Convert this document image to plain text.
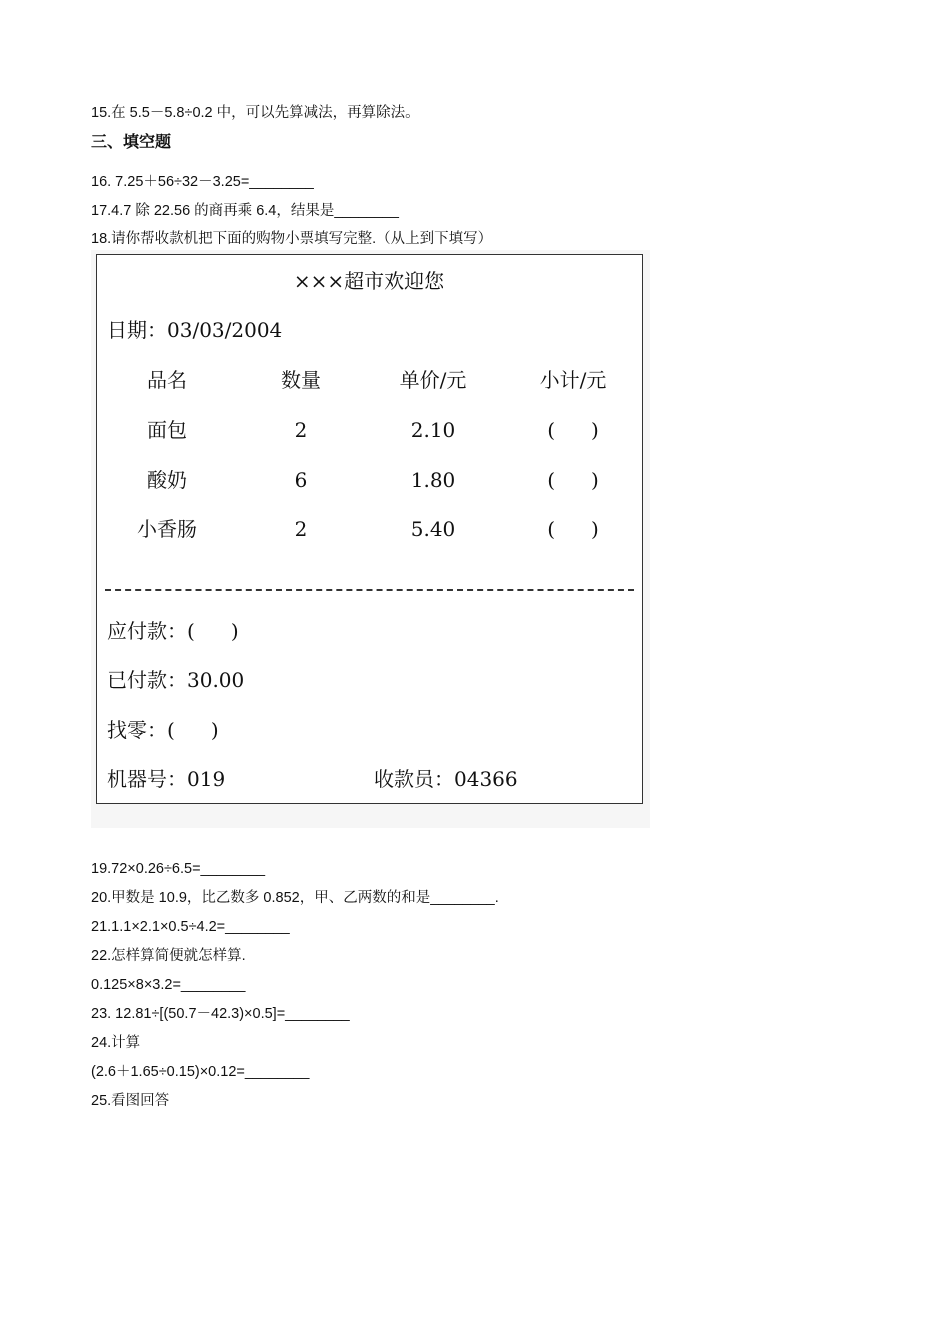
15.在 5.5－5.8÷0.2 中，可以先算减法，再算除法。
三、填空题
16. 7.25＋56÷32－3.25=________
17.4.7 除 22.56 的商再乘 6.4，结果是________
18.请你帮收款机把下面的购物小票填写完整.（从上到下填写）
×××超市欢迎您
日期：03/03/2004
品名	数量	单价/元	小计/元
面包	2	2.10	( )
酸奶	6	1.80	( )
小香肠	2	5.40	( )
应付款：( )
已付款：30.00
找零：( )
机器号：019	收款员：04366
19.72×0.26÷6.5=________
20.甲数是 10.9，比乙数多 0.852，甲、乙两数的和是________.
21.1.1×2.1×0.5÷4.2=________
22.怎样算简便就怎样算.
0.125×8×3.2=________
23. 12.81÷[(50.7－42.3)×0.5]=________
24.计算
(2.6＋1.65÷0.15)×0.12=________
25.看图回答
